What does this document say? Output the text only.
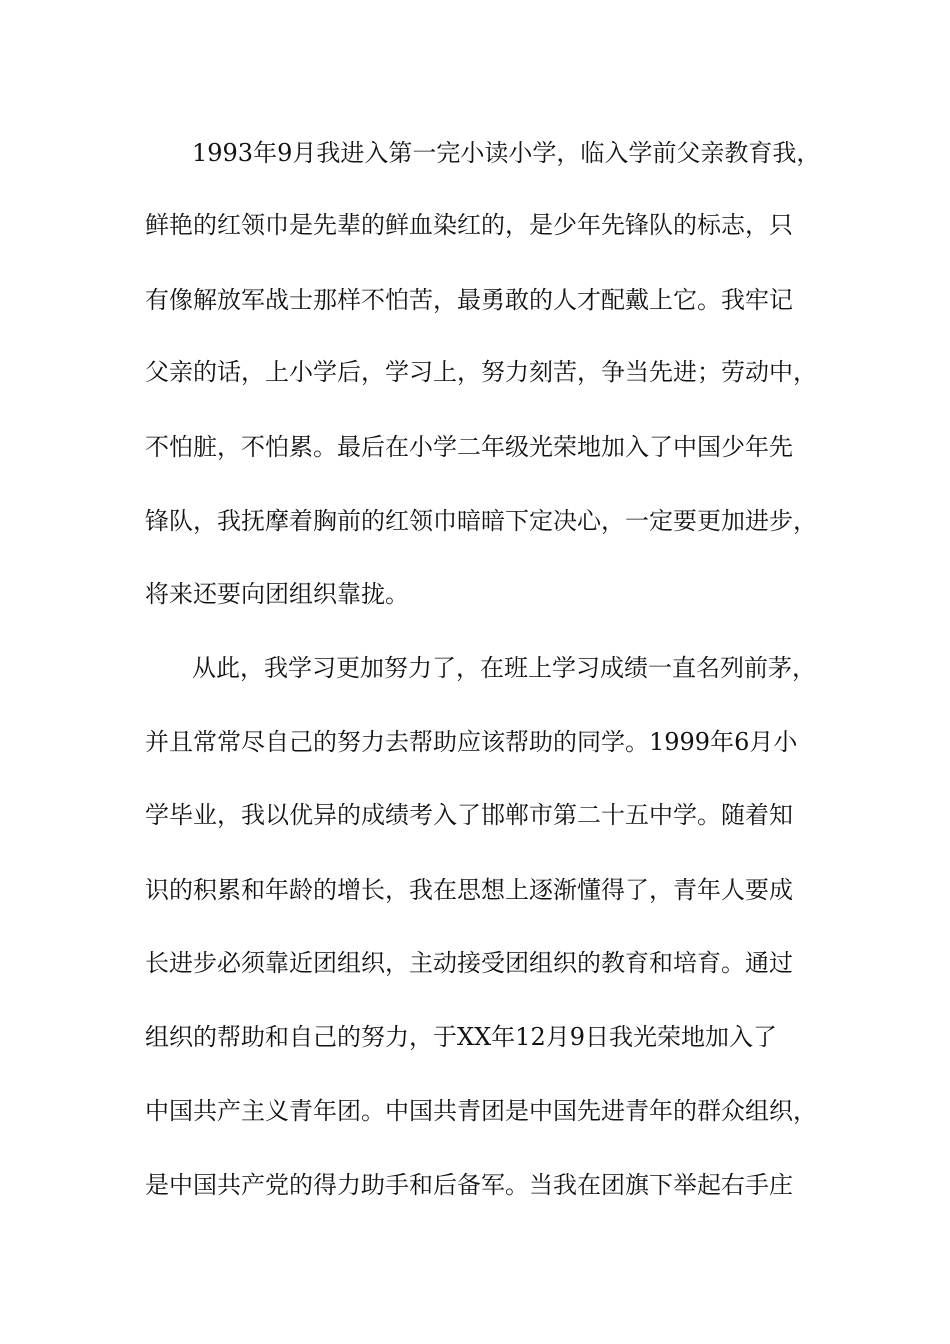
1993年9月我进入第一完小读小学，临入学前父亲教育我，
鲜艳的红领巾是先辈的鲜血染红的，是少年先锋队的标志，只
有像解放军战士那样不怕苦，最勇敢的人才配戴上它。我牢记
父亲的话，上小学后，学习上，努力刻苦，争当先进；劳动中，
不怕脏，不怕累。最后在小学二年级光荣地加入了中国少年先
锋队，我抚摩着胸前的红领巾暗暗下定决心，一定要更加进步，
将来还要向团组织靠拢。
从此，我学习更加努力了，在班上学习成绩一直名列前茅，
并且常常尽自己的努力去帮助应该帮助的同学。1999年6月小
学毕业，我以优异的成绩考入了邯郸市第二十五中学。随着知
识的积累和年龄的增长，我在思想上逐渐懂得了，青年人要成
长进步必须靠近团组织，主动接受团组织的教育和培育。通过
组织的帮助和自己的努力，于XX年12月9日我光荣地加入了
中国共产主义青年团。中国共青团是中国先进青年的群众组织，
是中国共产党的得力助手和后备军。当我在团旗下举起右手庄
